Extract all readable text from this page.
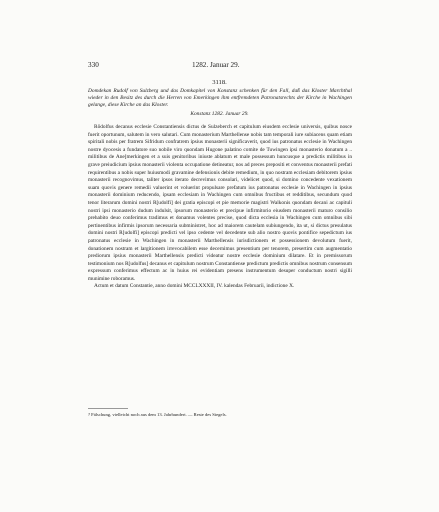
330	1282. Januar 29.
3118.
Domdekan Rudolf von Sulzberg und das Domkapitel von Konstanz schenken für den Fall, daß das Kloster Marchthal wieder in den Besitz des durch die Herren von Emerkingen ihm entfremdeten Patronatsrechts der Kirche in Wachingen gelange, diese Kirche an das Kloster.
Konstanz 1282. Januar 29.

Rǒdolfus decanus ecclesie Constantiensis dictus de Sulzeberch et capitulum eiusdem ecclesie universis, quibus nosce fuerit oportunum, salutem in vero salutari. Cum monasterium Marthellense nobis tam temporali iure subiacens quam etiam spiritali nobis per fratrem Sifridum confratrem ipsius monasterii significaverit, quod ius patronatus ecclesie in Wachingen nostre dyocesis a fundatore suo nobile viro quondam Hugone palatino comite de Tuwingen ipsi monasterio donatum a .. militibus de Ane[merkingen et a suis genitoribus iniuste ablatum et male possessum huncusque a predictis militibus in grave preiudicium ipsius monasterii violenta occupatione detineatur, nos ad preces prepositi et conventus monasterii prefati requirentibus a nobis super huiusmodi gravamine defensionis debite remedium, in quo nostram ecclesiam debitorem ipsius monasterii recognovimus, taliter ipsos iterato decrevimus consolari, videlicet quod, si domino concedente vexationem suam quovis genere remedii valuerint et voluerint propulsare prefatum ius patronatus ecclesie in Wachingen in ipsius monasterii dominium reducendo, ipsam ecclesiam in Wachingen cum omnibus fructibus et redditibus, secundum quod tenor literarum domini nostri R[udolfi] dei gratia episcopi et pie memorie magistri Walkonis quondam decani ac capituli nostri ipsi monasterio dudum indulsit, ipsorum monasterio et precipue infirmitorio eiusdem monasterii maturo consilio prehabito deuo conferimus tradimus et donamus volentes precise, quod dicta ecclesia in Wachingen cum omnibus sibi pertinentibus infirmis ipsorum necessaria subministret, hoc ad maiorem cautelam subiungendo, ita ut, si dictus presulatus domini nostri R[udolfi] episcopi predicti vel ipso cedente vel decedente sub alio nostro quovis pontifice sepedictum ius patronatus ecclesie in Wachingen in monasterii Marthellensis iurisdictionem et possessionem devolutum fuerit, donationem nostram et largitionem irrevocabilem esse decernimus presentium per tenorem, presertim cum augmentatio prediorum ipsius monasterii Marthellensis predicti videatur nostre ecclesie dominium dilatare. Et in premissorum testimonium nos R[udolfus] decanus et capitulum nostrum Constantiense predictum predictis omnibus nostrum consensum expressum conferimus effectum ac in huius rei evidentiam presens instrumentum desuper conductum nostri sigilli munimine roboramus.

Actum et datum Constantie, anno domini MCCLXXXII, IV. kalendas Februarii, indictione X.

? Fälschung, vielleicht noch aus dem 13. Jahrhundert. — Reste des Siegels.
